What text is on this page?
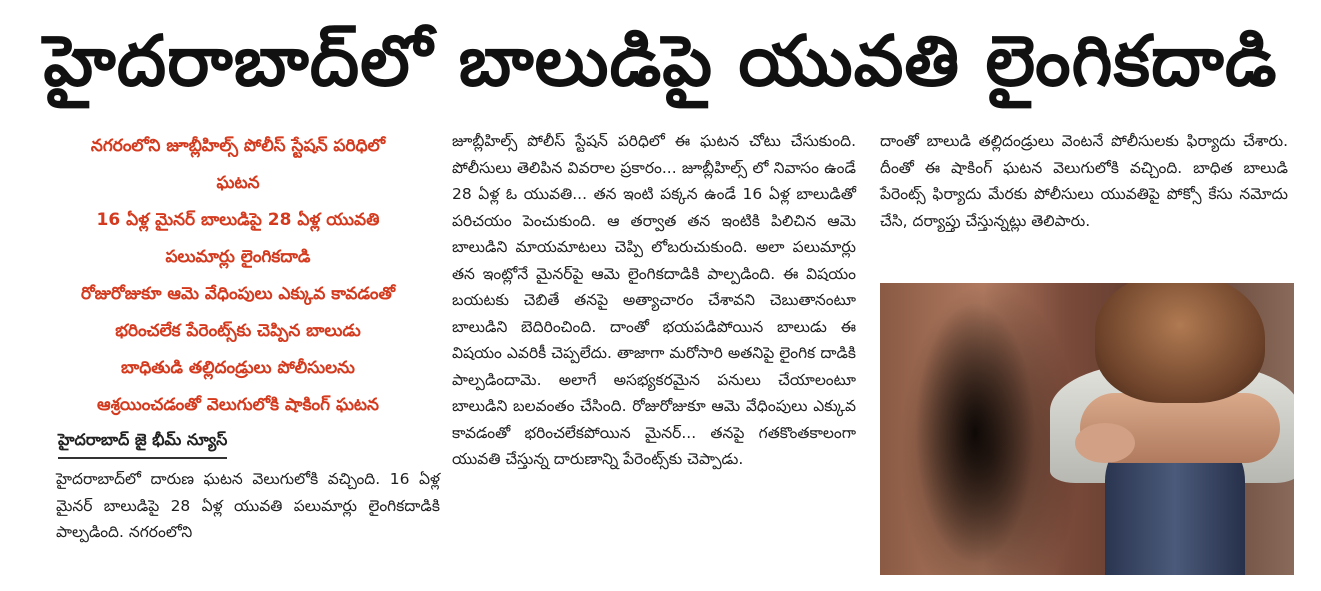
హైదరాబాద్‌లో బాలుడిపై యువతి లైంగికదాడి
నగరంలోని జూబ్లీహిల్స్ పోలీస్ స్టేషన్ పరిధిలో
ఘటన
16 ఏళ్ల మైనర్ బాలుడిపై 28 ఏళ్ల యువతి
పలుమార్లు లైంగికదాడి
రోజురోజుకూ ఆమె వేధింపులు ఎక్కువ కావడంతో
భరించలేక పేరెంట్స్‌కు చెప్పిన బాలుడు
బాధితుడి తల్లిదండ్రులు పోలీసులను
ఆశ్రయించడంతో వెలుగులోకి షాకింగ్ ఘటన
హైదరాబాద్ జై భీమ్ న్యూస్
హైదరాబాద్‌లో దారుణ ఘటన వెలుగులోకి వచ్చింది. 16 ఏళ్ల మైనర్ బాలుడిపై 28 ఏళ్ల యువతి పలుమార్లు లైంగికదాడికి పాల్పడింది. నగరంలోని
జూబ్లీహిల్స్ పోలీస్ స్టేషన్ పరిధిలో ఈ ఘటన చోటు చేసుకుంది. పోలీసులు తెలిపిన వివరాల ప్రకారం... జూబ్లీహిల్స్ లో నివాసం ఉండే 28 ఏళ్ల ఓ యువతి... తన ఇంటి పక్కన ఉండే 16 ఏళ్ల బాలుడితో పరిచయం పెంచుకుంది. ఆ తర్వాత తన ఇంటికి పిలిచిన ఆమె బాలుడిని మాయమాటలు చెప్పి లోబరుచుకుంది. అలా పలుమార్లు తన ఇంట్లోనే మైనర్‌పై ఆమె లైంగికదాడికి పాల్పడింది. ఈ విషయం బయటకు చెబితే తనపై అత్యాచారం చేశావని చెబుతానంటూ బాలుడిని బెదిరించింది. దాంతో భయపడిపోయిన బాలుడు ఈ విషయం ఎవరికీ చెప్పలేదు. తాజాగా మరోసారి అతనిపై లైంగిక దాడికి పాల్పడిందామె. అలాగే అసభ్యకరమైన పనులు చేయాలంటూ బాలుడిని బలవంతం చేసింది. రోజురోజుకూ ఆమె వేధింపులు ఎక్కువ కావడంతో భరించలేకపోయిన మైనర్... తనపై గతకొంతకాలంగా యువతి చేస్తున్న దారుణాన్ని పేరెంట్స్‌కు చెప్పాడు.
దాంతో బాలుడి తల్లిదండ్రులు వెంటనే పోలీసులకు ఫిర్యాదు చేశారు. దీంతో ఈ షాకింగ్ ఘటన వెలుగులోకి వచ్చింది. బాధిత బాలుడి పేరెంట్స్ ఫిర్యాదు మేరకు పోలీసులు యువతిపై పోక్సో కేసు నమోదు చేసి, దర్యాప్తు చేస్తున్నట్లు తెలిపారు.
